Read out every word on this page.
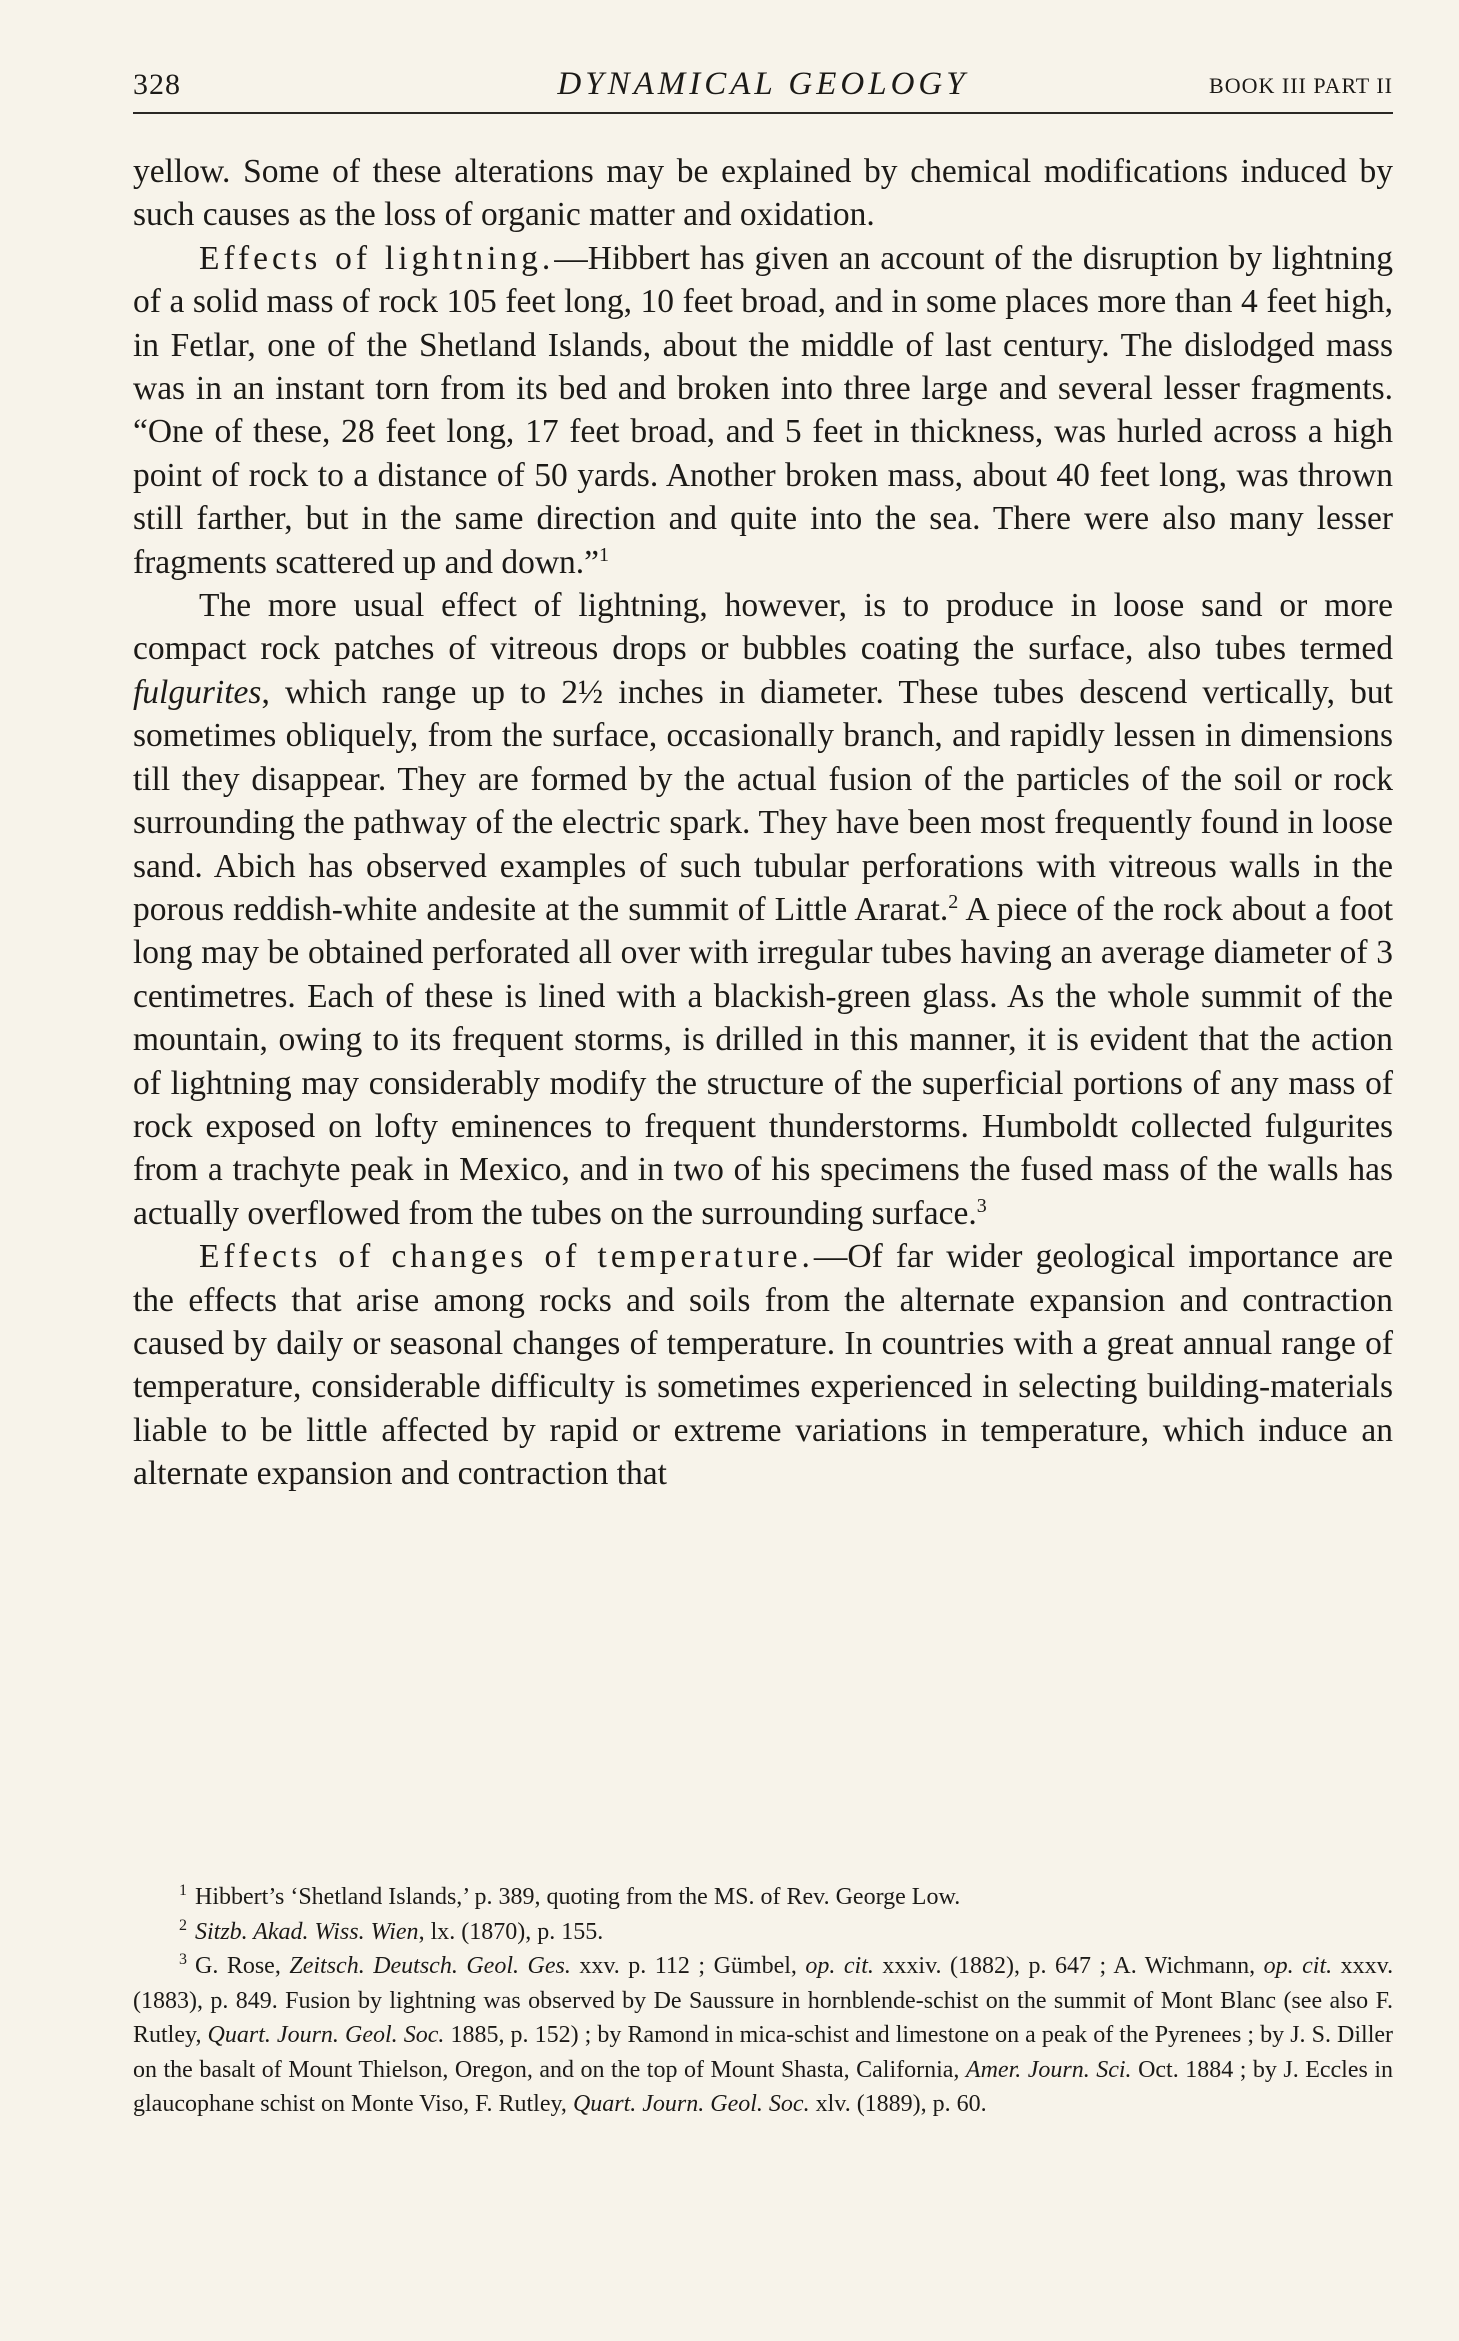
328	DYNAMICAL GEOLOGY	BOOK III PART II

yellow. Some of these alterations may be explained by chemical modifications induced by such causes as the loss of organic matter and oxidation.

Effects of lightning.—Hibbert has given an account of the disruption by lightning of a solid mass of rock 105 feet long, 10 feet broad, and in some places more than 4 feet high, in Fetlar, one of the Shetland Islands, about the middle of last century. The dislodged mass was in an instant torn from its bed and broken into three large and several lesser fragments. “One of these, 28 feet long, 17 feet broad, and 5 feet in thickness, was hurled across a high point of rock to a distance of 50 yards. Another broken mass, about 40 feet long, was thrown still farther, but in the same direction and quite into the sea. There were also many lesser fragments scattered up and down.”$^1$

The more usual effect of lightning, however, is to produce in loose sand or more compact rock patches of vitreous drops or bubbles coating the surface, also tubes termed fulgurites, which range up to 2½ inches in diameter. These tubes descend vertically, but sometimes obliquely, from the surface, occasionally branch, and rapidly lessen in dimensions till they disappear. They are formed by the actual fusion of the particles of the soil or rock surrounding the pathway of the electric spark. They have been most frequently found in loose sand. Abich has observed examples of such tubular perforations with vitreous walls in the porous reddish-white andesite at the summit of Little Ararat.$^2$ A piece of the rock about a foot long may be obtained perforated all over with irregular tubes having an average diameter of 3 centimetres. Each of these is lined with a blackish-green glass. As the whole summit of the mountain, owing to its frequent storms, is drilled in this manner, it is evident that the action of lightning may considerably modify the structure of the superficial portions of any mass of rock exposed on lofty eminences to frequent thunderstorms. Humboldt collected fulgurites from a trachyte peak in Mexico, and in two of his specimens the fused mass of the walls has actually overflowed from the tubes on the surrounding surface.$^3$

Effects of changes of temperature.—Of far wider geological importance are the effects that arise among rocks and soils from the alternate expansion and contraction caused by daily or seasonal changes of temperature. In countries with a great annual range of temperature, considerable difficulty is sometimes experienced in selecting building-materials liable to be little affected by rapid or extreme variations in temperature, which induce an alternate expansion and contraction that

$^1$ Hibbert’s ‘Shetland Islands,’ p. 389, quoting from the MS. of Rev. George Low.

$^2$ Sitzb. Akad. Wiss. Wien, lx. (1870), p. 155.

$^3$ G. Rose, Zeitsch. Deutsch. Geol. Ges. xxv. p. 112 ; Gümbel, op. cit. xxxiv. (1882), p. 647 ; A. Wichmann, op. cit. xxxv. (1883), p. 849. Fusion by lightning was observed by De Saussure in hornblende-schist on the summit of Mont Blanc (see also F. Rutley, Quart. Journ. Geol. Soc. 1885, p. 152) ; by Ramond in mica-schist and limestone on a peak of the Pyrenees ; by J. S. Diller on the basalt of Mount Thielson, Oregon, and on the top of Mount Shasta, California, Amer. Journ. Sci. Oct. 1884 ; by J. Eccles in glaucophane schist on Monte Viso, F. Rutley, Quart. Journ. Geol. Soc. xlv. (1889), p. 60.
